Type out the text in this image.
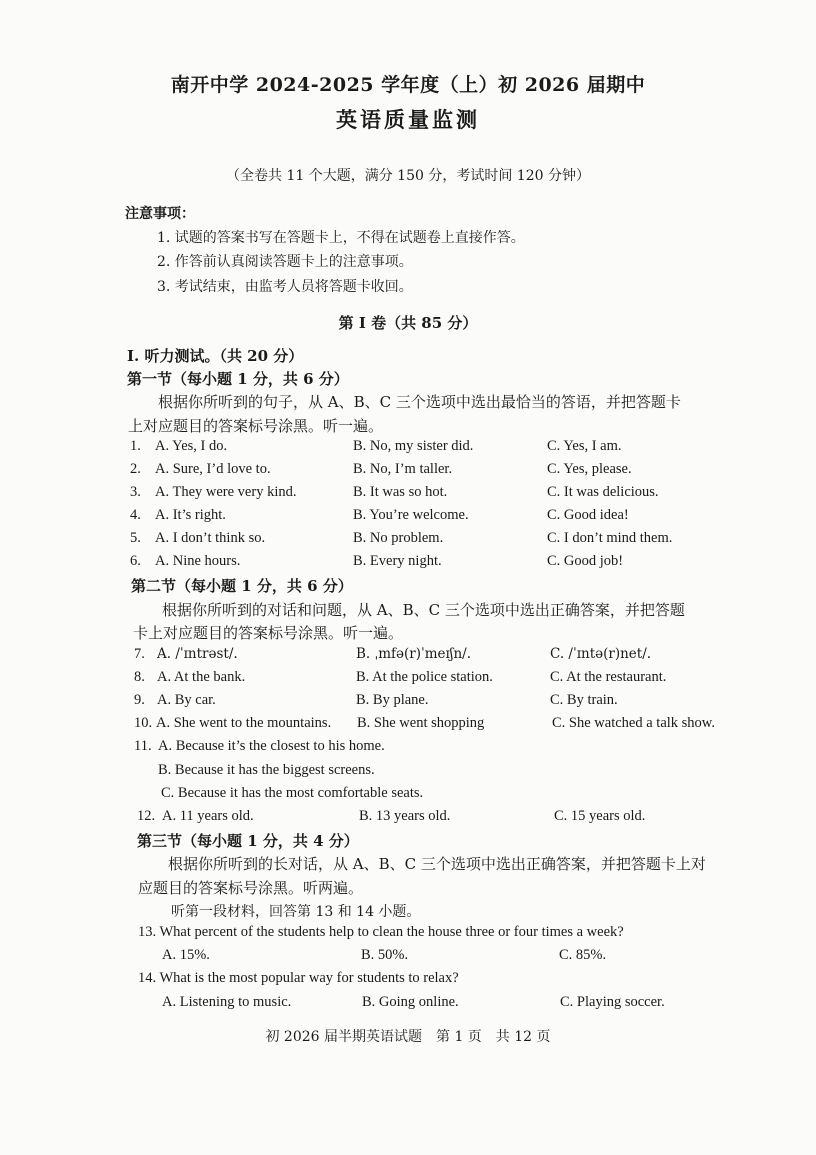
南开中学 2024-2025 学年度（上）初 2026 届期中
英语质量监测
（全卷共 11 个大题，满分 150 分，考试时间 120 分钟）
注意事项：
1. 试题的答案书写在答题卡上，不得在试题卷上直接作答。
2. 作答前认真阅读答题卡上的注意事项。
3. 考试结束，由监考人员将答题卡收回。
第 I 卷（共 85 分）
I. 听力测试。（共 20 分）
第一节（每小题 1 分，共 6 分）
根据你所听到的句子，从 A、B、C 三个选项中选出最恰当的答语，并把答题卡
上对应题目的答案标号涂黑。听一遍。
1. A. Yes, I do.	B. No, my sister did.	C. Yes, I am.
2. A. Sure, I’d love to.	B. No, I’m taller.	C. Yes, please.
3. A. They were very kind.	B. It was so hot.	C. It was delicious.
4. A. It’s right.	B. You’re welcome.	C. Good idea!
5. A. I don’t think so.	B. No problem.	C. I don’t mind them.
6. A. Nine hours.	B. Every night.	C. Good job!
第二节（每小题 1 分，共 6 分）
根据你所听到的对话和问题，从 A、B、C 三个选项中选出正确答案，并把答题
卡上对应题目的答案标号涂黑。听一遍。
7. A. /ˈɪntrəst/.	B. ˌmfə(r)ˈmeɪʃn/.	C. /ˈɪntə(r)net/.
8. A. At the bank.	B. At the police station.	C. At the restaurant.
9. A. By car.	B. By plane.	C. By train.
10. A. She went to the mountains. B. She went shopping	C. She watched a talk show.
11. A. Because it’s the closest to his home.
B. Because it has the biggest screens.
C. Because it has the most comfortable seats.
12. A. 11 years old.	B. 13 years old.	C. 15 years old.
第三节（每小题 1 分，共 4 分）
根据你所听到的长对话，从 A、B、C 三个选项中选出正确答案，并把答题卡上对
应题目的答案标号涂黑。听两遍。
听第一段材料，回答第 13 和 14 小题。
13. What percent of the students help to clean the house three or four times a week?
A. 15%.	B. 50%.	C. 85%.
14. What is the most popular way for students to relax?
A. Listening to music.	B. Going online.	C. Playing soccer.
初 2026 届半期英语试题　第 1 页　共 12 页
